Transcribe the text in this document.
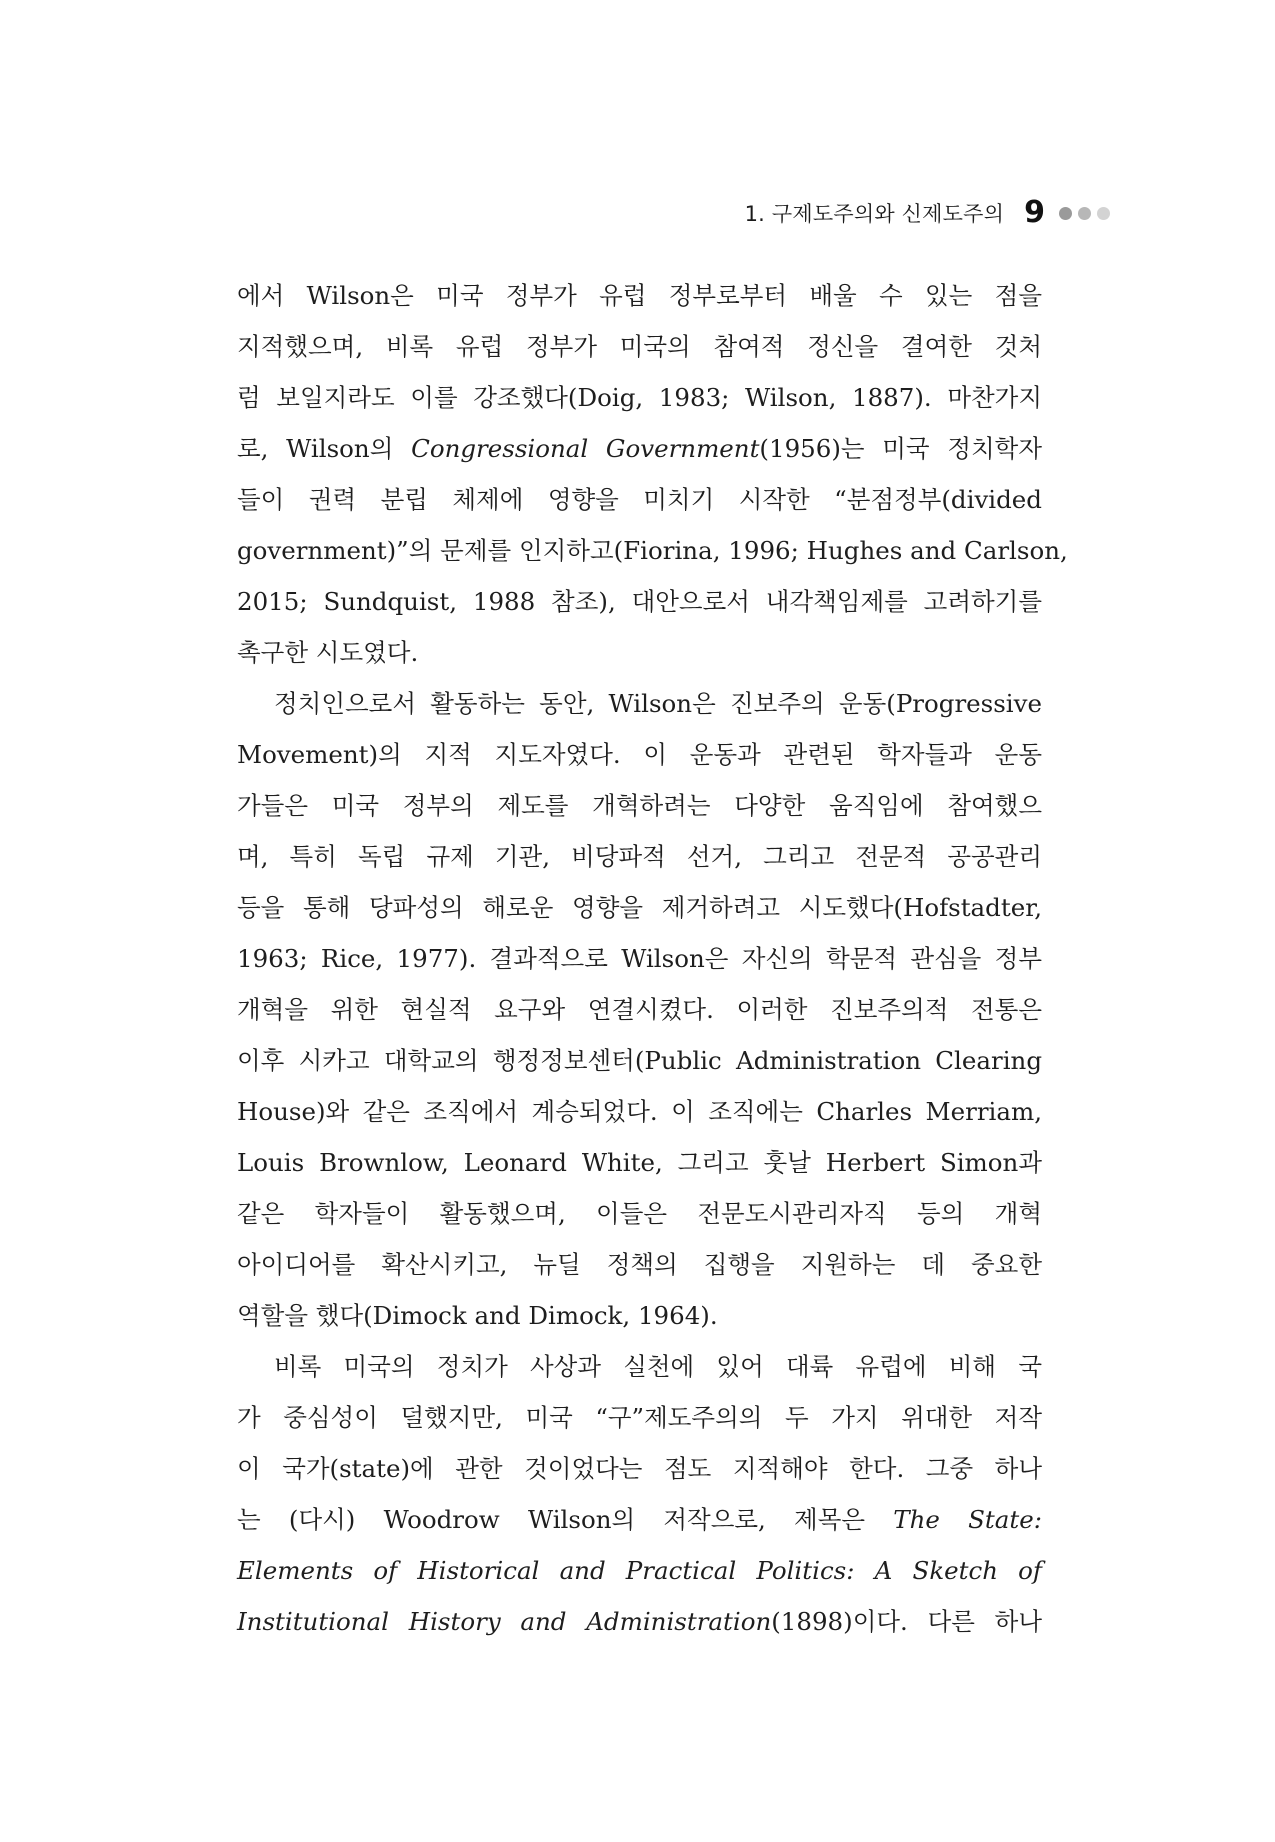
1. 구제도주의와 신제도주의 9
에서 Wilson은 미국 정부가 유럽 정부로부터 배울 수 있는 점을
지적했으며, 비록 유럽 정부가 미국의 참여적 정신을 결여한 것처
럼 보일지라도 이를 강조했다(Doig, 1983; Wilson, 1887). 마찬가지
로, Wilson의 Congressional Government(1956)는 미국 정치학자
들이 권력 분립 체제에 영향을 미치기 시작한 “분점정부(divided
government)”의 문제를 인지하고(Fiorina, 1996; Hughes and Carlson,
2015; Sundquist, 1988 참조), 대안으로서 내각책임제를 고려하기를
촉구한 시도였다.
정치인으로서 활동하는 동안, Wilson은 진보주의 운동(Progressive
Movement)의 지적 지도자였다. 이 운동과 관련된 학자들과 운동
가들은 미국 정부의 제도를 개혁하려는 다양한 움직임에 참여했으
며, 특히 독립 규제 기관, 비당파적 선거, 그리고 전문적 공공관리
등을 통해 당파성의 해로운 영향을 제거하려고 시도했다(Hofstadter,
1963; Rice, 1977). 결과적으로 Wilson은 자신의 학문적 관심을 정부
개혁을 위한 현실적 요구와 연결시켰다. 이러한 진보주의적 전통은
이후 시카고 대학교의 행정정보센터(Public Administration Clearing
House)와 같은 조직에서 계승되었다. 이 조직에는 Charles Merriam,
Louis Brownlow, Leonard White, 그리고 훗날 Herbert Simon과
같은 학자들이 활동했으며, 이들은 전문도시관리자직 등의 개혁
아이디어를 확산시키고, 뉴딜 정책의 집행을 지원하는 데 중요한
역할을 했다(Dimock and Dimock, 1964).
비록 미국의 정치가 사상과 실천에 있어 대륙 유럽에 비해 국
가 중심성이 덜했지만, 미국 “구”제도주의의 두 가지 위대한 저작
이 국가(state)에 관한 것이었다는 점도 지적해야 한다. 그중 하나
는 (다시) Woodrow Wilson의 저작으로, 제목은 The State:
Elements of Historical and Practical Politics: A Sketch of
Institutional History and Administration(1898)이다. 다른 하나
